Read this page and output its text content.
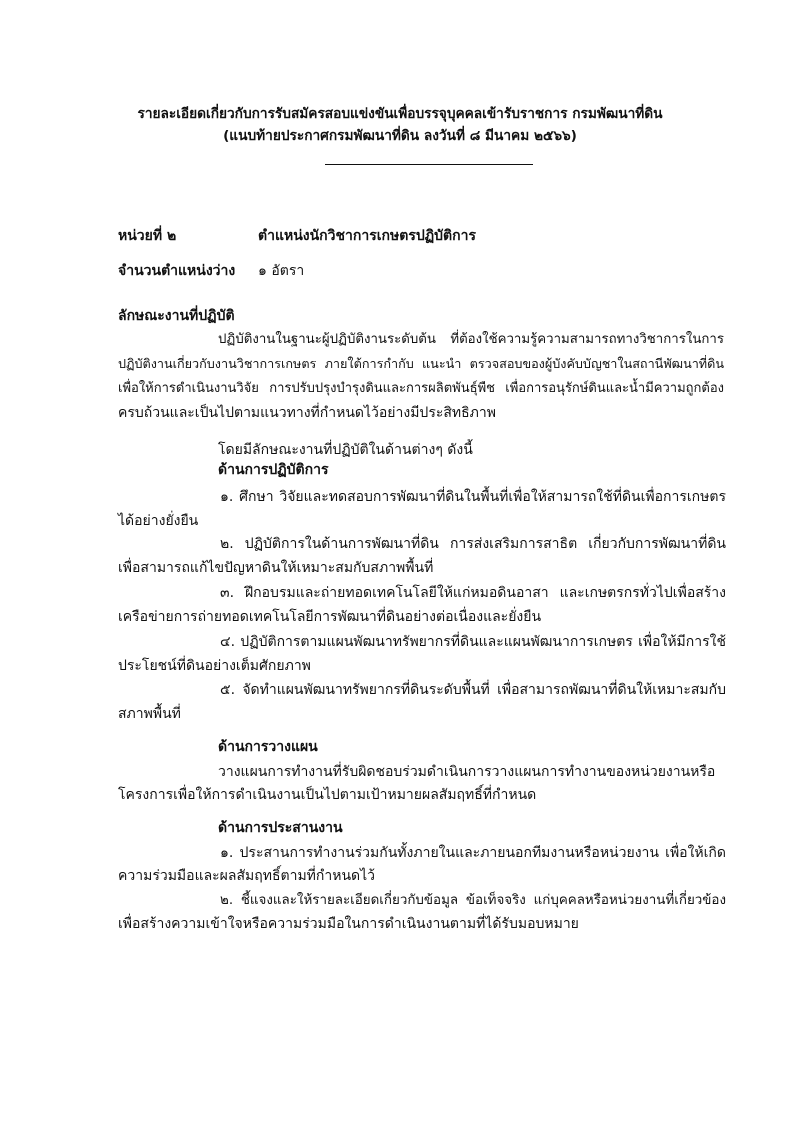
รายละเอียดเกี่ยวกับการรับสมัครสอบแข่งขันเพื่อบรรจุบุคคลเข้ารับราชการ กรมพัฒนาที่ดิน
(แนบท้ายประกาศกรมพัฒนาที่ดิน ลงวันที่ ๘ มีนาคม ๒๕๖๖)
หน่วยที่ ๒	ตำแหน่งนักวิชาการเกษตรปฏิบัติการ
จำนวนตำแหน่งว่าง ๑ อัตรา
ลักษณะงานที่ปฏิบัติ
ปฏิบัติงานในฐานะผู้ปฏิบัติงานระดับต้น ที่ต้องใช้ความรู้ความสามารถทางวิชาการในการ
ปฏิบัติงานเกี่ยวกับงานวิชาการเกษตร ภายใต้การกำกับ แนะนำ ตรวจสอบของผู้บังคับบัญชาในสถานีพัฒนาที่ดิน
เพื่อให้การดำเนินงานวิจัย การปรับปรุงบำรุงดินและการผลิตพันธุ์พืช เพื่อการอนุรักษ์ดินและน้ำมีความถูกต้อง
ครบถ้วนและเป็นไปตามแนวทางที่กำหนดไว้อย่างมีประสิทธิภาพ
โดยมีลักษณะงานที่ปฏิบัติในด้านต่างๆ ดังนี้
ด้านการปฏิบัติการ
๑. ศึกษา วิจัยและทดสอบการพัฒนาที่ดินในพื้นที่เพื่อให้สามารถใช้ที่ดินเพื่อการเกษตร
ได้อย่างยั่งยืน
๒. ปฏิบัติการในด้านการพัฒนาที่ดิน การส่งเสริมการสาธิต เกี่ยวกับการพัฒนาที่ดิน
เพื่อสามารถแก้ไขปัญหาดินให้เหมาะสมกับสภาพพื้นที่
๓. ฝึกอบรมและถ่ายทอดเทคโนโลยีให้แก่หมอดินอาสา และเกษตรกรทั่วไปเพื่อสร้าง
เครือข่ายการถ่ายทอดเทคโนโลยีการพัฒนาที่ดินอย่างต่อเนื่องและยั่งยืน
๔. ปฏิบัติการตามแผนพัฒนาทรัพยากรที่ดินและแผนพัฒนาการเกษตร เพื่อให้มีการใช้
ประโยชน์ที่ดินอย่างเต็มศักยภาพ
๕. จัดทำแผนพัฒนาทรัพยากรที่ดินระดับพื้นที่ เพื่อสามารถพัฒนาที่ดินให้เหมาะสมกับ
สภาพพื้นที่
ด้านการวางแผน
วางแผนการทำงานที่รับผิดชอบร่วมดำเนินการวางแผนการทำงานของหน่วยงานหรือ
โครงการเพื่อให้การดำเนินงานเป็นไปตามเป้าหมายผลสัมฤทธิ์ที่กำหนด
ด้านการประสานงาน
๑. ประสานการทำงานร่วมกันทั้งภายในและภายนอกทีมงานหรือหน่วยงาน เพื่อให้เกิด
ความร่วมมือและผลสัมฤทธิ์ตามที่กำหนดไว้
๒. ชี้แจงและให้รายละเอียดเกี่ยวกับข้อมูล ข้อเท็จจริง แก่บุคคลหรือหน่วยงานที่เกี่ยวข้อง
เพื่อสร้างความเข้าใจหรือความร่วมมือในการดำเนินงานตามที่ได้รับมอบหมาย
